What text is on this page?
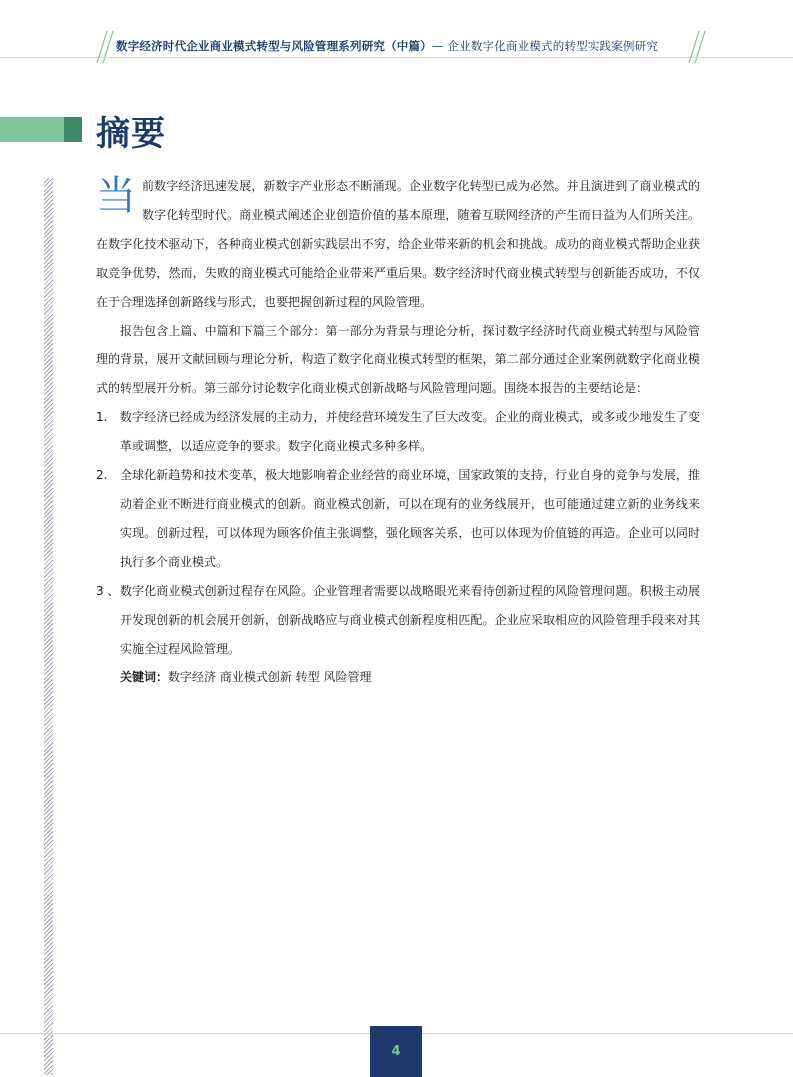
数字经济时代企业商业模式转型与风险管理系列研究（中篇）— 企业数字化商业模式的转型实践案例研究
摘要

当前数字经济迅速发展，新数字产业形态不断涌现。企业数字化转型已成为必然。并且演进到了商业模式的数字化转型时代。商业模式阐述企业创造价值的基本原理，随着互联网经济的产生而日益为人们所关注。在数字化技术驱动下，各种商业模式创新实践层出不穷，给企业带来新的机会和挑战。成功的商业模式帮助企业获取竞争优势，然而，失败的商业模式可能给企业带来严重后果。数字经济时代商业模式转型与创新能否成功，不仅在于合理选择创新路线与形式，也要把握创新过程的风险管理。

报告包含上篇、中篇和下篇三个部分：第一部分为背景与理论分析，探讨数字经济时代商业模式转型与风险管理的背景，展开文献回顾与理论分析，构造了数字化商业模式转型的框架，第二部分通过企业案例就数字化商业模式的转型展开分析。第三部分讨论数字化商业模式创新战略与风险管理问题。围绕本报告的主要结论是：

1. 数字经济已经成为经济发展的主动力，并使经营环境发生了巨大改变。企业的商业模式，或多或少地发生了变革或调整，以适应竞争的要求。数字化商业模式多种多样。
2. 全球化新趋势和技术变革，极大地影响着企业经营的商业环境，国家政策的支持，行业自身的竞争与发展，推动着企业不断进行商业模式的创新。商业模式创新，可以在现有的业务线展开，也可能通过建立新的业务线来实现。创新过程，可以体现为顾客价值主张调整，强化顾客关系，也可以体现为价值链的再造。企业可以同时执行多个商业模式。
3 、 数字化商业模式创新过程存在风险。企业管理者需要以战略眼光来看待创新过程的风险管理问题。积极主动展开发现创新的机会展开创新，创新战略应与商业模式创新程度相匹配。企业应采取相应的风险管理手段来对其实施全过程风险管理。

关键词：数字经济 商业模式创新 转型 风险管理

4
